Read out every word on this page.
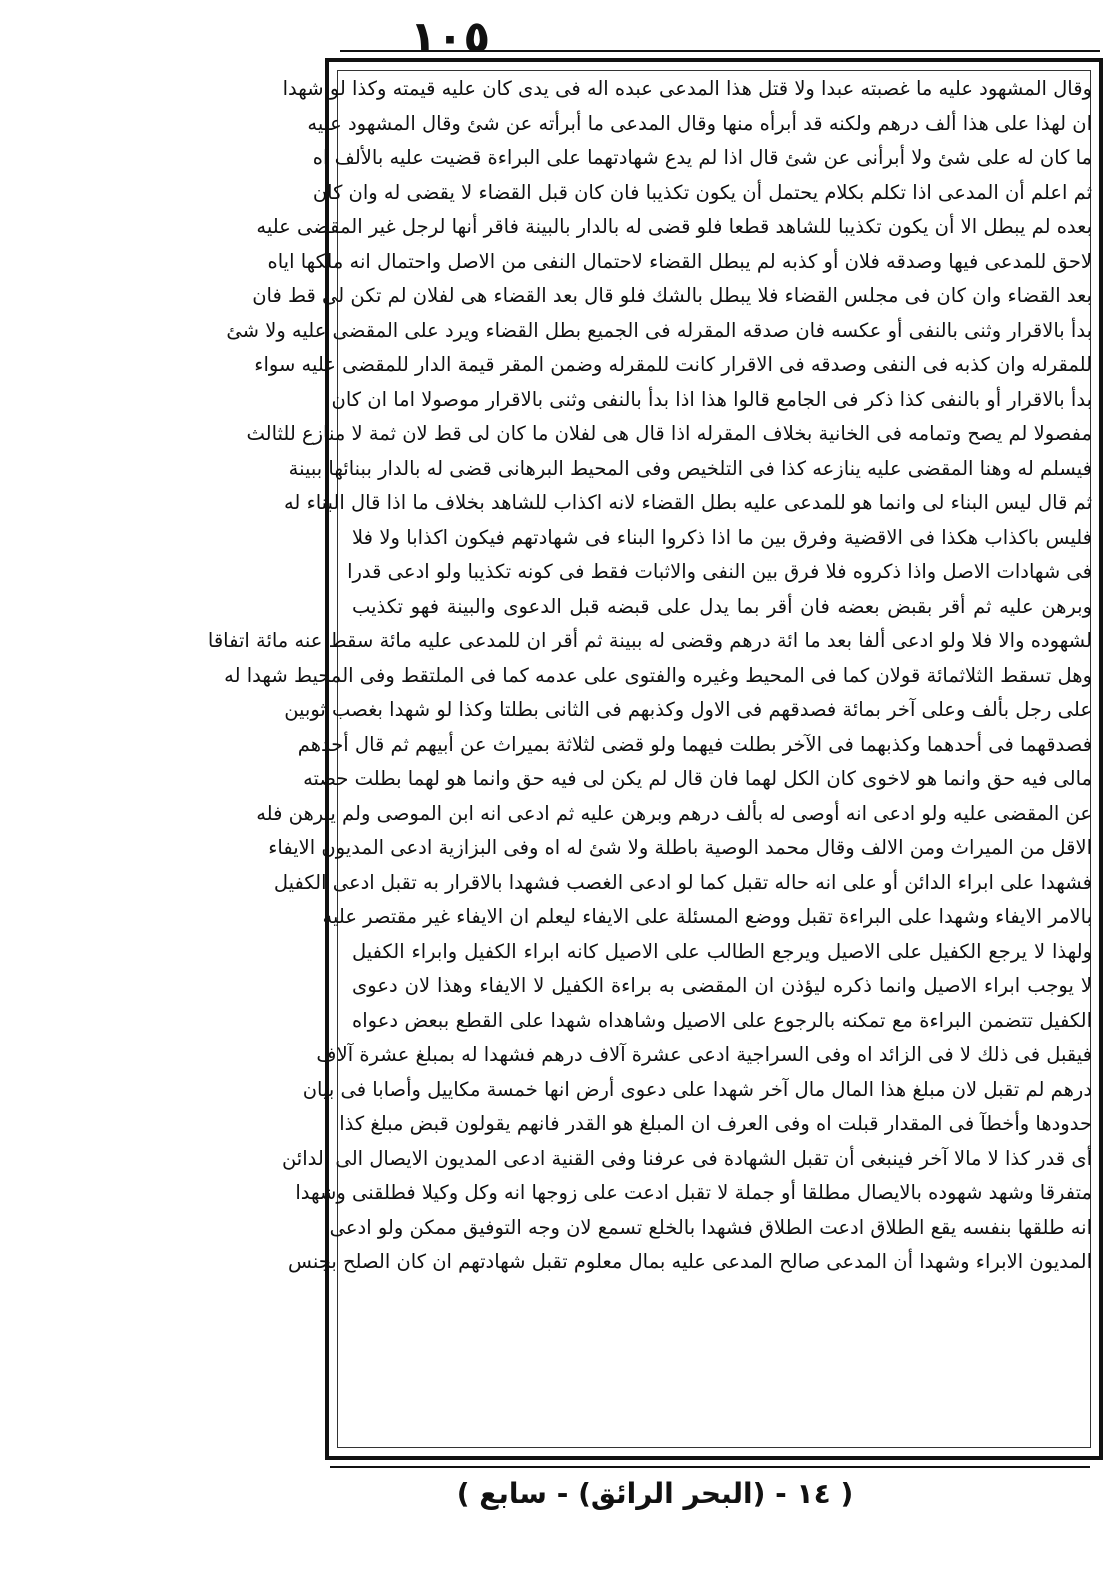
١٠٥
وقال المشهود عليه ما غصبته عبدا ولا قتل هذا المدعى عبده اله فى يدى كان عليه قيمته وكذا لو شهدا
ان لهذا على هذا ألف درهم ولكنه قد أبرأه منها وقال المدعى ما أبرأته عن شئ وقال المشهود عليه
ما كان له على شئ ولا أبرأنى عن شئ قال اذا لم يدع شهادتهما على البراءة قضيت عليه بالألف اه
ثم اعلم أن المدعى اذا تكلم بكلام يحتمل أن يكون تكذيبا فان كان قبل القضاء لا يقضى له وان كان
بعده لم يبطل الا أن يكون تكذيبا للشاهد قطعا فلو قضى له بالدار بالبينة فاقر أنها لرجل غير المقضى عليه
لاحق للمدعى فيها وصدقه فلان أو كذبه لم يبطل القضاء لاحتمال النفى من الاصل واحتمال انه ملكها اياه
بعد القضاء وان كان فى مجلس القضاء فلا يبطل بالشك فلو قال بعد القضاء هى لفلان لم تكن لى قط فان
بدأ بالاقرار وثنى بالنفى أو عكسه فان صدقه المقرله فى الجميع بطل القضاء ويرد على المقضى عليه ولا شئ
للمقرله وان كذبه فى النفى وصدقه فى الاقرار كانت للمقرله وضمن المقر قيمة الدار للمقضى عليه سواء
بدأ بالاقرار أو بالنفى كذا ذكر فى الجامع قالوا هذا اذا بدأ بالنفى وثنى بالاقرار موصولا اما ان كان
مفصولا لم يصح وتمامه فى الخانية بخلاف المقرله اذا قال هى لفلان ما كان لى قط لان ثمة لا منازع للثالث
فيسلم له وهنا المقضى عليه ينازعه كذا فى التلخيص وفى المحيط البرهانى قضى له بالدار ببنائها ببينة
ثم قال ليس البناء لى وانما هو للمدعى عليه بطل القضاء لانه اكذاب للشاهد بخلاف ما اذا قال البناء له
فليس باكذاب هكذا فى الاقضية وفرق بين ما اذا ذكروا البناء فى شهادتهم فيكون اكذابا ولا فلا
فى شهادات الاصل واذا ذكروه فلا فرق بين النفى والاثبات فقط فى كونه تكذيبا ولو ادعى قدرا
وبرهن عليه ثم أقر بقبض بعضه فان أقر بما يدل على قبضه قبل الدعوى والبينة فهو تكذيب
لشهوده والا فلا ولو ادعى ألفا بعد ما ائة درهم وقضى له ببينة ثم أقر ان للمدعى عليه مائة سقط عنه مائة اتفاقا
وهل تسقط الثلاثمائة قولان كما فى المحيط وغيره والفتوى على عدمه كما فى الملتقط وفى المحيط شهدا له
على رجل بألف وعلى آخر بمائة فصدقهم فى الاول وكذبهم فى الثانى بطلتا وكذا لو شهدا بغصب ثوبين
فصدقهما فى أحدهما وكذبهما فى الآخر بطلت فيهما ولو قضى لثلاثة بميراث عن أبيهم ثم قال أحدهم
مالى فيه حق وانما هو لاخوى كان الكل لهما فان قال لم يكن لى فيه حق وانما هو لهما بطلت حصته
عن المقضى عليه ولو ادعى انه أوصى له بألف درهم وبرهن عليه ثم ادعى انه ابن الموصى ولم يبرهن فله
الاقل من الميراث ومن الالف وقال محمد الوصية باطلة ولا شئ له اه وفى البزازية ادعى المديون الايفاء
فشهدا على ابراء الدائن أو على انه حاله تقبل كما لو ادعى الغصب فشهدا بالاقرار به تقبل ادعى الكفيل
بالامر الايفاء وشهدا على البراءة تقبل ووضع المسئلة على الايفاء ليعلم ان الايفاء غير مقتصر عليه
ولهذا لا يرجع الكفيل على الاصيل ويرجع الطالب على الاصيل كانه ابراء الكفيل وابراء الكفيل
لا يوجب ابراء الاصيل وانما ذكره ليؤذن ان المقضى به براءة الكفيل لا الايفاء وهذا لان دعوى
الكفيل تتضمن البراءة مع تمكنه بالرجوع على الاصيل وشاهداه شهدا على القطع ببعض دعواه
فيقبل فى ذلك لا فى الزائد اه وفى السراجية ادعى عشرة آلاف درهم فشهدا له بمبلغ عشرة آلاف
درهم لم تقبل لان مبلغ هذا المال مال آخر شهدا على دعوى أرض انها خمسة مكاييل وأصابا فى بيان
حدودها وأخطآ فى المقدار قبلت اه وفى العرف ان المبلغ هو القدر فانهم يقولون قبض مبلغ كذا
أى قدر كذا لا مالا آخر فينبغى أن تقبل الشهادة فى عرفنا وفى القنية ادعى المديون الايصال الى الدائن
متفرقا وشهد شهوده بالايصال مطلقا أو جملة لا تقبل ادعت على زوجها انه وكل وكيلا فطلقنى وشهدا
انه طلقها بنفسه يقع الطلاق ادعت الطلاق فشهدا بالخلع تسمع لان وجه التوفيق ممكن ولو ادعى
المديون الابراء وشهدا أن المدعى صالح المدعى عليه بمال معلوم تقبل شهادتهم ان كان الصلح بجنس
( ١٤ - (البحر الرائق) - سابع )
